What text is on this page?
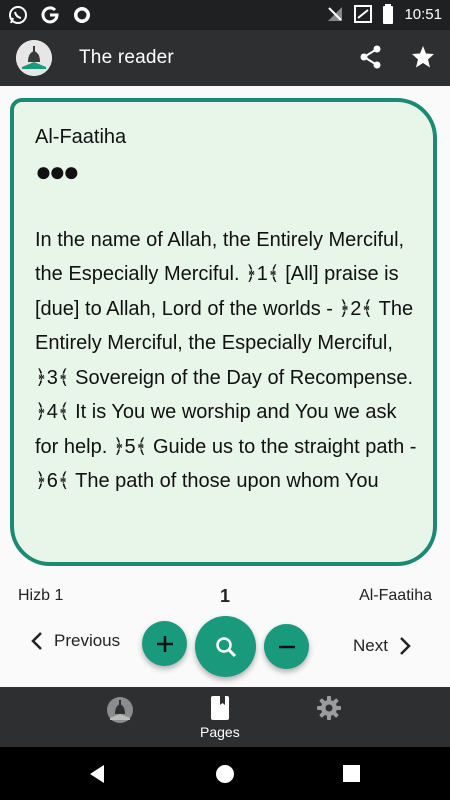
10:51
The reader
Al-Faatiha
●●●
In the name of Allah, the Entirely Merciful, the Especially Merciful. ﴿1﴾ [All] praise is [due] to Allah, Lord of the worlds - ﴿2﴾ The Entirely Merciful, the Especially Merciful, ﴿3﴾ Sovereign of the Day of Recompense. ﴿4﴾ It is You we worship and You we ask for help. ﴿5﴾ Guide us to the straight path - ﴿6﴾ The path of those upon whom You
Hizb 1	1	Al-Faatiha
Previous	Next
Pages
